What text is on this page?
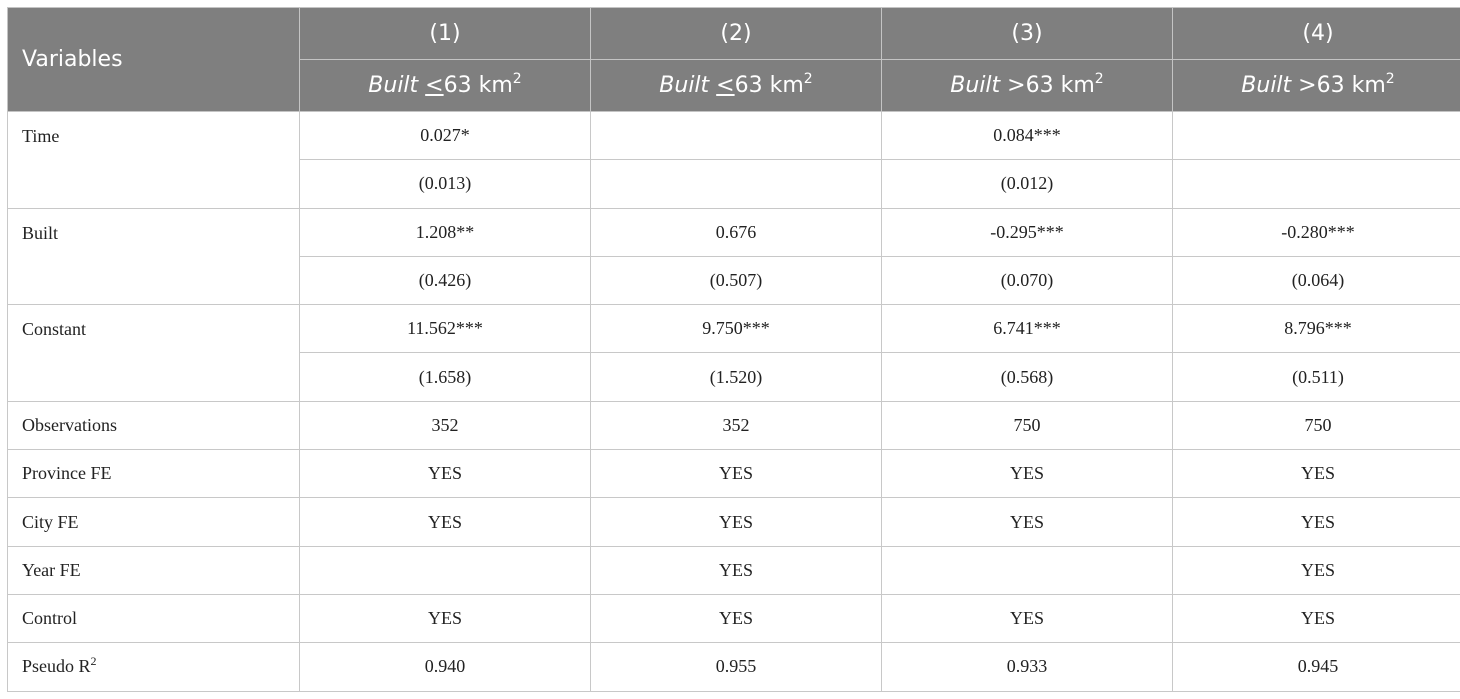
Variables	(1)	(2)	(3)	(4)
	Built <63 $km^2$	Built <63 $km^2$	Built >63 $km^2$	Built >63 $km^2$
Time	0.027*		0.084***	
	(0.013)		(0.012)	
Built	1.208**	0.676	-0.295***	-0.280***
	(0.426)	(0.507)	(0.070)	(0.064)
Constant	11.562***	9.750***	6.741***	8.796***
	(1.658)	(1.520)	(0.568)	(0.511)
Observations	352	352	750	750
Province FE	YES	YES	YES	YES
City FE	YES	YES	YES	YES
Year FE		YES		YES
Control	YES	YES	YES	YES
Pseudo $R^2$	0.940	0.955	0.933	0.945
